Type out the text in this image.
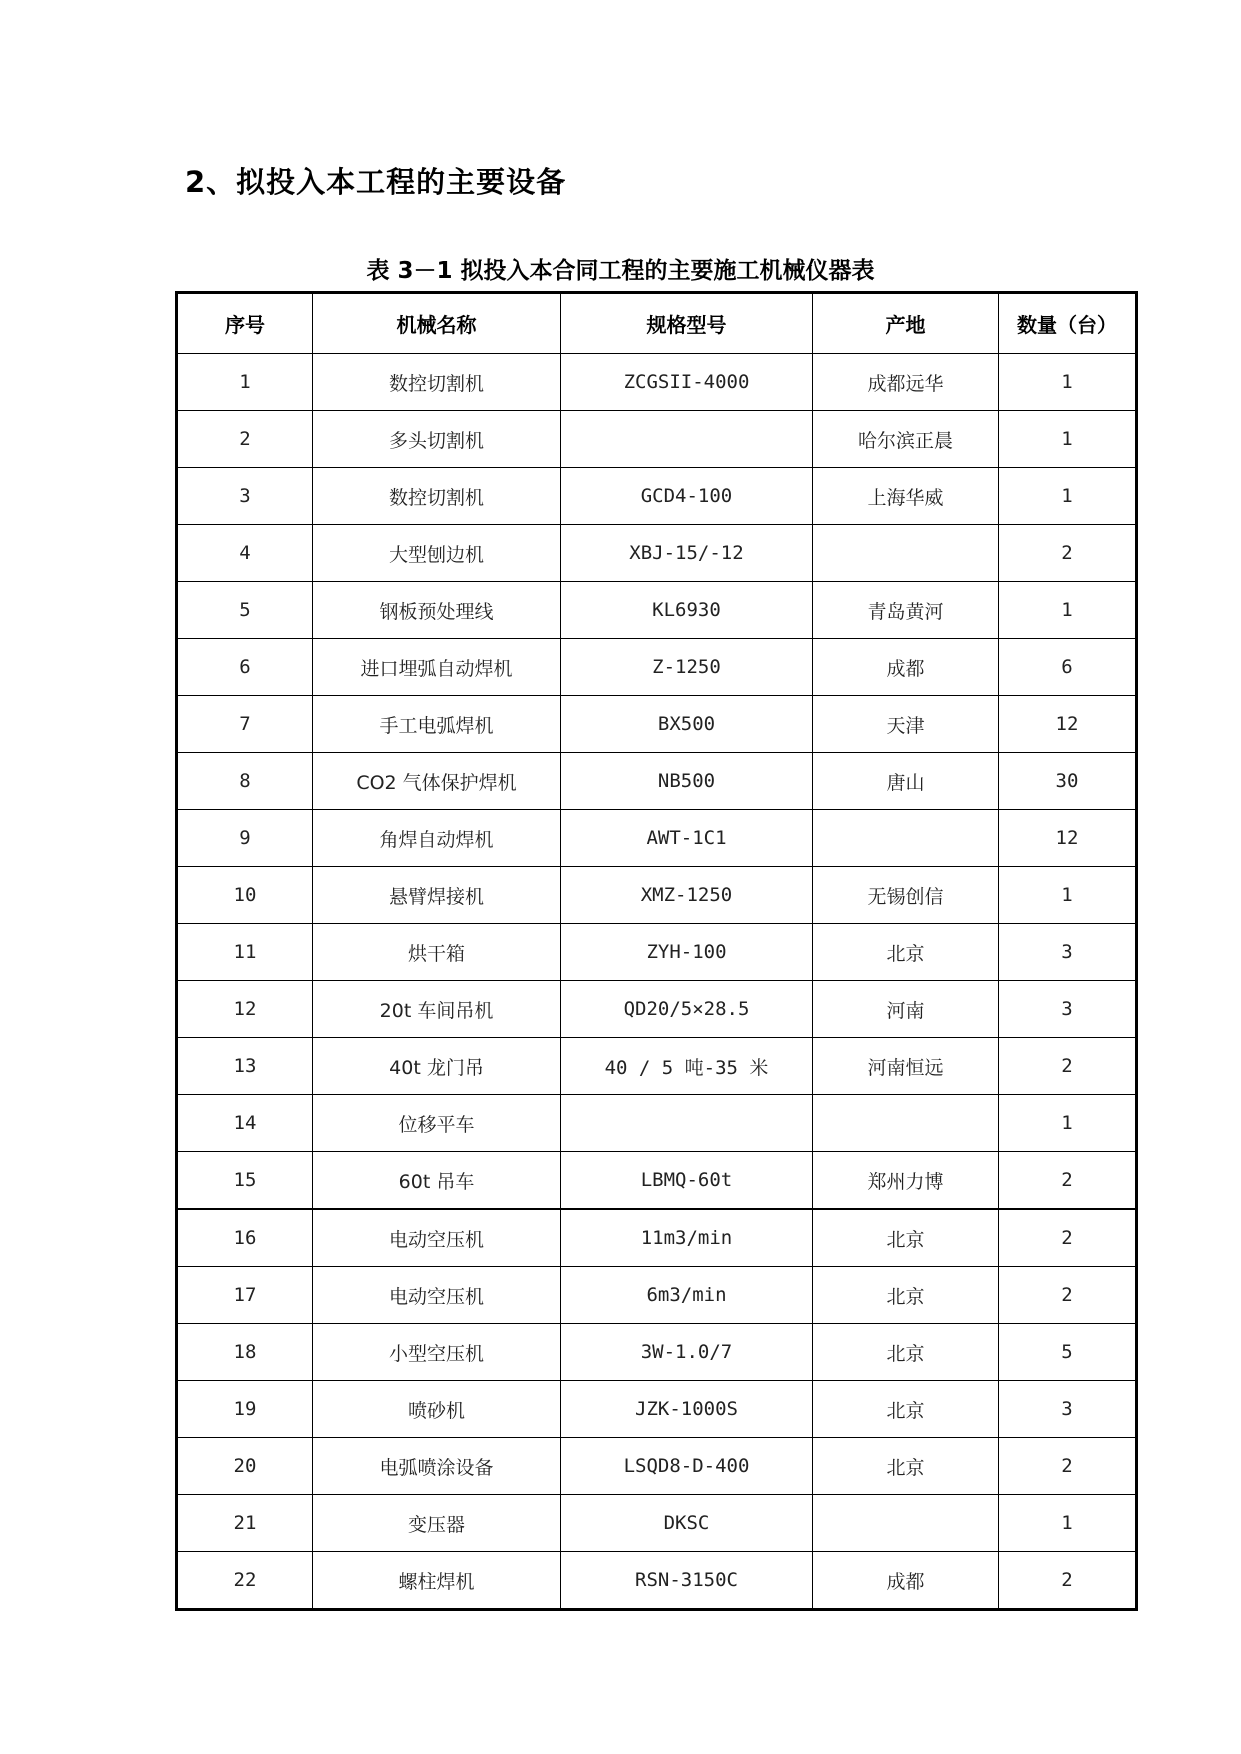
2、拟投入本工程的主要设备
表 3－1 拟投入本合同工程的主要施工机械仪器表
序号	机械名称	规格型号	产地	数量（台）
1	数控切割机	ZCGSII-4000	成都远华	1
2	多头切割机		哈尔滨正晨	1
3	数控切割机	GCD4-100	上海华威	1
4	大型刨边机	XBJ-15/-12		2
5	钢板预处理线	KL6930	青岛黄河	1
6	进口埋弧自动焊机	Z-1250	成都	6
7	手工电弧焊机	BX500	天津	12
8	CO2 气体保护焊机	NB500	唐山	30
9	角焊自动焊机	AWT-1C1		12
10	悬臂焊接机	XMZ-1250	无锡创信	1
11	烘干箱	ZYH-100	北京	3
12	20t 车间吊机	QD20/5×28.5	河南	3
13	40t 龙门吊	40 / 5 吨-35 米	河南恒远	2
14	位移平车			1
15	60t 吊车	LBMQ-60t	郑州力博	2
16	电动空压机	11m3/min	北京	2
17	电动空压机	6m3/min	北京	2
18	小型空压机	3W-1.0/7	北京	5
19	喷砂机	JZK-1000S	北京	3
20	电弧喷涂设备	LSQD8-D-400	北京	2
21	变压器	DKSC		1
22	螺柱焊机	RSN-3150C	成都	2
